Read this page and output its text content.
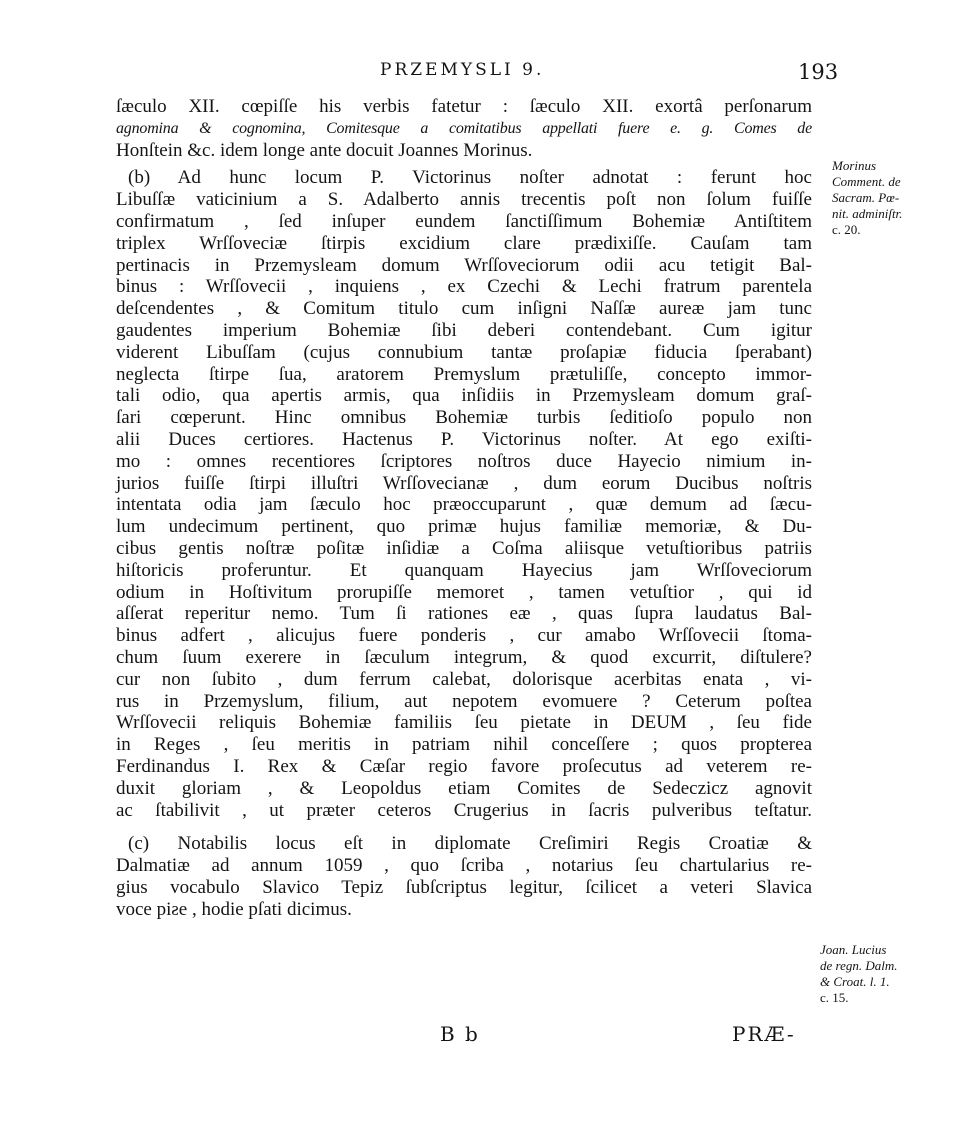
PRZEMYSLI 9.	193
ſæculo XII. cœpiſſe his verbis fatetur : ſæculo XII. exortâ perſonarum
agnomina & cognomina, Comitesque a comitatibus appellati fuere e. g. Comes de
Honſtein &c. idem longe ante docuit Joannes Morinus.
(b) Ad hunc locum P. Victorinus noſter adnotat : ferunt hoc
Libuſſæ vaticinium a S. Adalberto annis trecentis poſt non ſolum fuiſſe
confirmatum , ſed inſuper eundem ſanctiſſimum Bohemiæ Antiſtitem
triplex Wrſſoveciæ ſtirpis excidium clare prædixiſſe. Cauſam tam
pertinacis in Przemysleam domum Wrſſoveciorum odii acu tetigit Bal-
binus : Wrſſovecii , inquiens , ex Czechi & Lechi fratrum parentela
deſcendentes , & Comitum titulo cum inſigni Naſſæ aureæ jam tunc
gaudentes imperium Bohemiæ ſibi deberi contendebant. Cum igitur
viderent Libuſſam (cujus connubium tantæ proſapiæ fiducia ſperabant)
neglecta ſtirpe ſua, aratorem Premyslum prætuliſſe, concepto immor-
tali odio, qua apertis armis, qua inſidiis in Przemysleam domum graſ-
ſari cœperunt. Hinc omnibus Bohemiæ turbis ſeditioſo populo non
alii Duces certiores. Hactenus P. Victorinus noſter. At ego exiſti-
mo : omnes recentiores ſcriptores noſtros duce Hayecio nimium in-
jurios fuiſſe ſtirpi illuſtri Wrſſovecianæ , dum eorum Ducibus noſtris
intentata odia jam ſæculo hoc præoccuparunt , quæ demum ad ſæcu-
lum undecimum pertinent, quo primæ hujus familiæ memoriæ, & Du-
cibus gentis noſtræ poſitæ inſidiæ a Coſma aliisque vetuſtioribus patriis
hiſtoricis proferuntur. Et quanquam Hayecius jam Wrſſoveciorum
odium in Hoſtivitum prorupiſſe memoret , tamen vetuſtior , qui id
aſſerat reperitur nemo. Tum ſi rationes eæ , quas ſupra laudatus Bal-
binus adfert , alicujus fuere ponderis , cur amabo Wrſſovecii ſtoma-
chum ſuum exerere in ſæculum integrum, & quod excurrit, diſtulere?
cur non ſubito , dum ferrum calebat, dolorisque acerbitas enata , vi-
rus in Przemyslum, filium, aut nepotem evomuere ? Ceterum poſtea
Wrſſovecii reliquis Bohemiæ familiis ſeu pietate in DEUM , ſeu fide
in Reges , ſeu meritis in patriam nihil conceſſere ; quos propterea
Ferdinandus I. Rex & Cæſar regio favore proſecutus ad veterem re-
duxit gloriam , & Leopoldus etiam Comites de Sedeczicz agnovit
ac ſtabilivit , ut præter ceteros Crugerius in ſacris pulveribus teſtatur.
(c) Notabilis locus eſt in diplomate Creſimiri Regis Croatiæ &
Dalmatiæ ad annum 1059 , quo ſcriba , notarius ſeu chartularius re-
gius vocabulo Slavico Tepiz ſubſcriptus legitur, ſcilicet a veteri Slavica
voce piƨe , hodie pſati dicimus.
Morinus
Comment. de
Sacram. Pœ-
nit. adminiſtr.
c. 20.
Joan. Lucius
de regn. Dalm.
& Croat. l. 1.
c. 15.
B b	PRÆ-
